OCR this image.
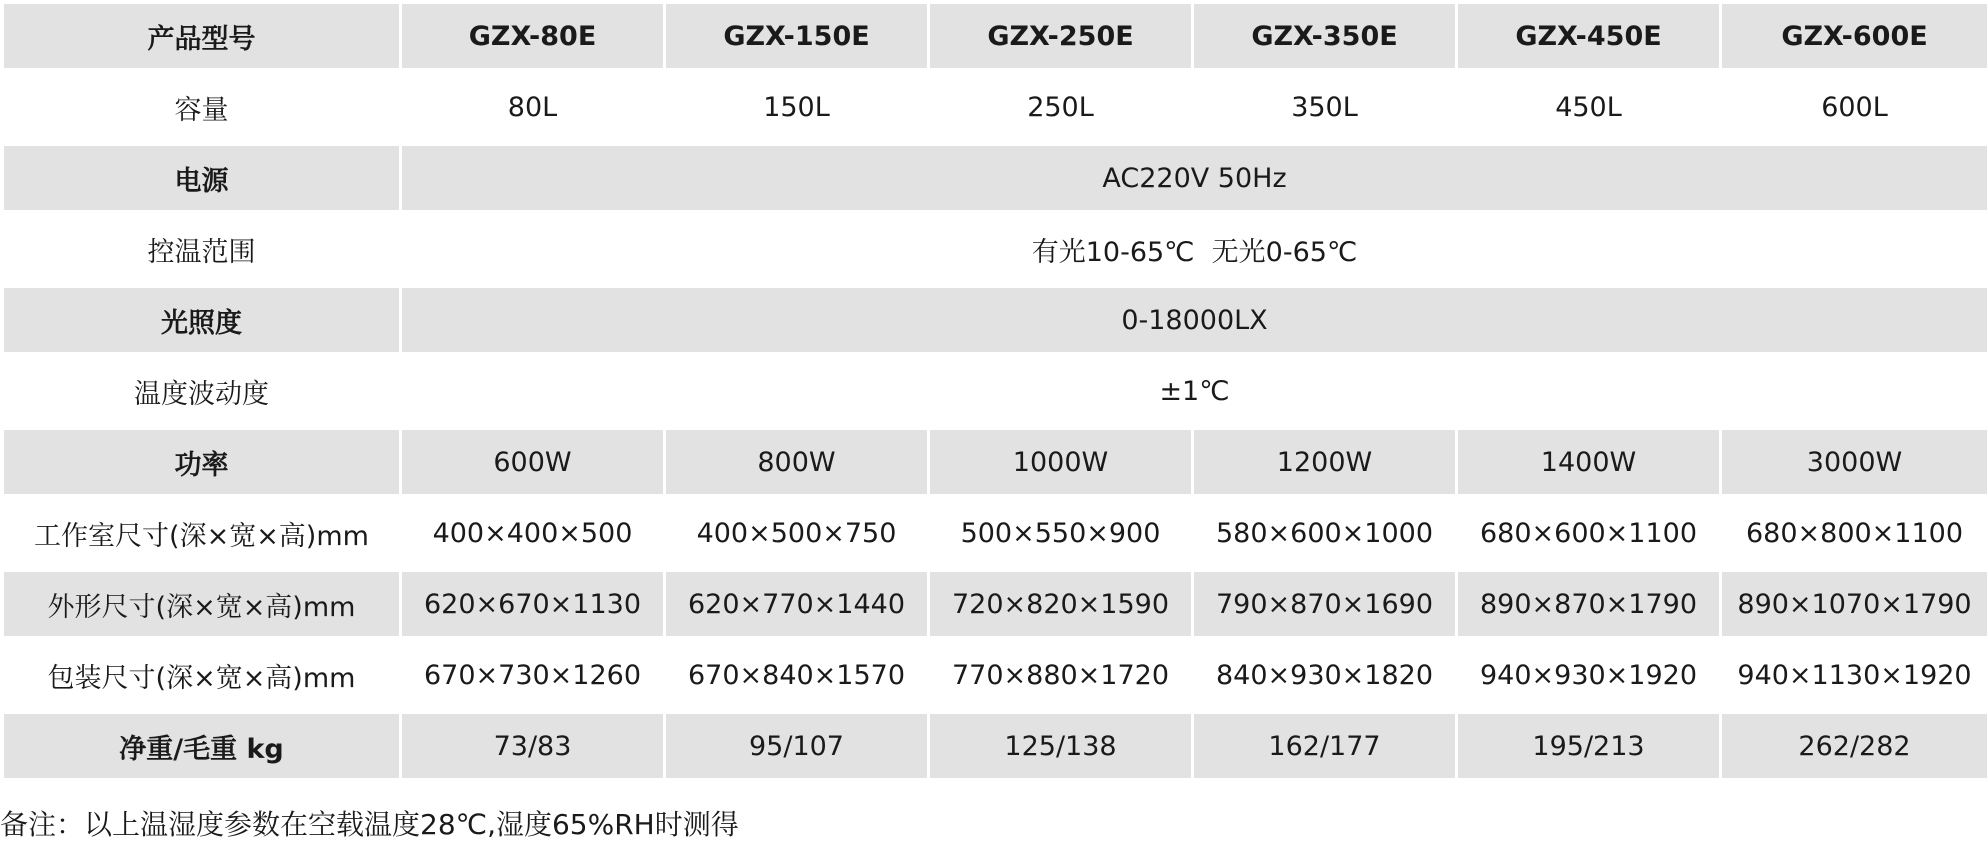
产品型号	GZX-80E	GZX-150E	GZX-250E	GZX-350E	GZX-450E	GZX-600E
容量	80L	150L	250L	350L	450L	600L
电源	AC220V 50Hz					
控温范围	有光10-65℃  无光0-65℃					
光照度	0-18000LX					
温度波动度	±1℃					
功率	600W	800W	1000W	1200W	1400W	3000W
工作室尺寸(深×宽×高)mm	400×400×500	400×500×750	500×550×900	580×600×1000	680×600×1100	680×800×1100
外形尺寸(深×宽×高)mm	620×670×1130	620×770×1440	720×820×1590	790×870×1690	890×870×1790	890×1070×1790
包装尺寸(深×宽×高)mm	670×730×1260	670×840×1570	770×880×1720	840×930×1820	940×930×1920	940×1130×1920
净重/毛重 kg	73/83	95/107	125/138	162/177	195/213	262/282
备注：以上温湿度参数在空载温度28℃,湿度65%RH时测得
